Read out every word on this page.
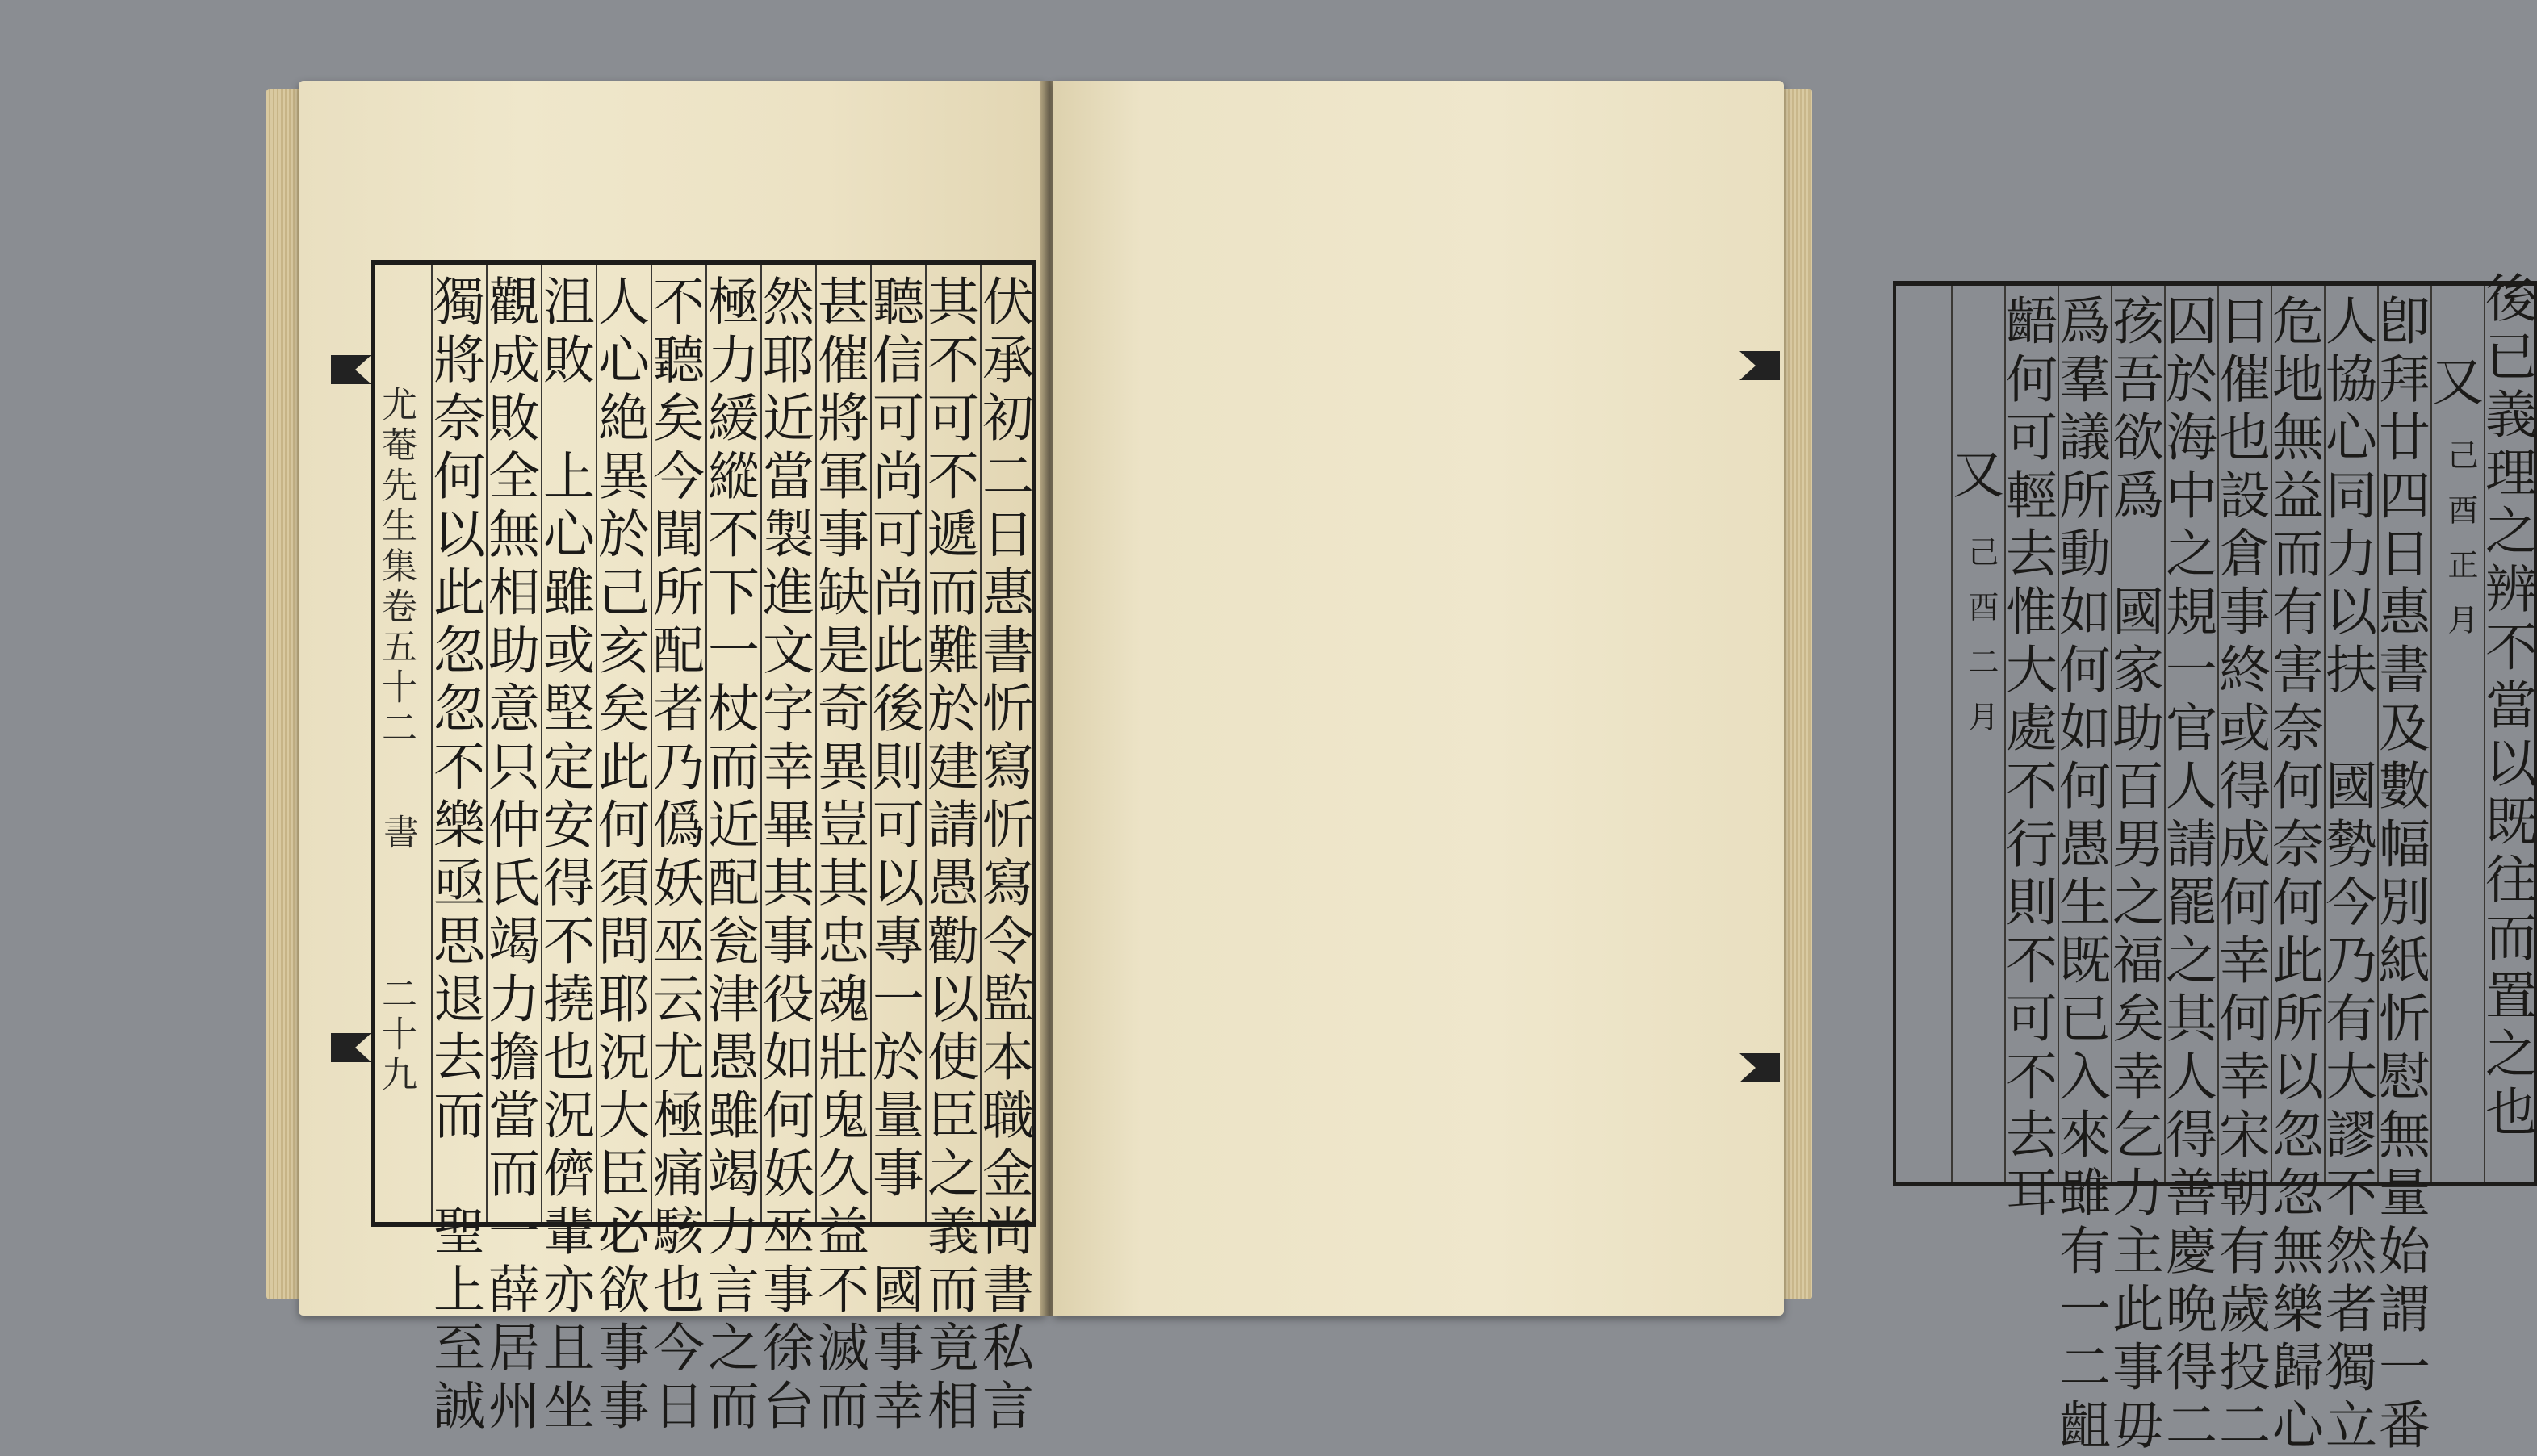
伏承初二日惠書忻寫忻寫令監本職金尚書私言
其不可不遞而難於建請愚勸以使臣之義而竟相
聽信可尚可尚此後則可以專一於量事　國事幸
甚催將軍事缺是奇異豈其忠魂壯鬼久益不滅而
然耶近當製進文字幸畢其事役如何妖巫事徐台
極力緩縱不下一杖而近配瓮津愚雖竭力言之而
不聽矣今聞所配者乃僞妖巫云尤極痛駭也今日
人心絶異於己亥矣此何須問耶況大臣必欲事事
沮敗　上心雖或堅定安得不撓也況儕輩亦且坐
觀成敗全無相助意只仲氏竭力擔當而一薛居州
獨將奈何以此忽忽不樂亟思退去而　聖上至誠
尤菴先生集卷五十二
書
二十九	後已義理之辨不當以既往而置之也
又
己酉正月
卽拜廿四日惠書及數幅別紙忻慰無量始謂一番
人協心同力以扶　國勢今乃有大謬不然者獨立
危地無益而有害奈何奈何此所以忽忽無樂歸心
日催也設倉事終或得成何幸何幸宋朝有歲投二
囚於海中之規一官人請罷之其人得善慶晩得二
孩吾欲爲　國家助百男之福矣幸乞力主此事毋
爲羣議所動如何如何愚生既已入來雖有一二齟
齬何可輕去惟大處不行則不可不去耳
又
己酉二月
